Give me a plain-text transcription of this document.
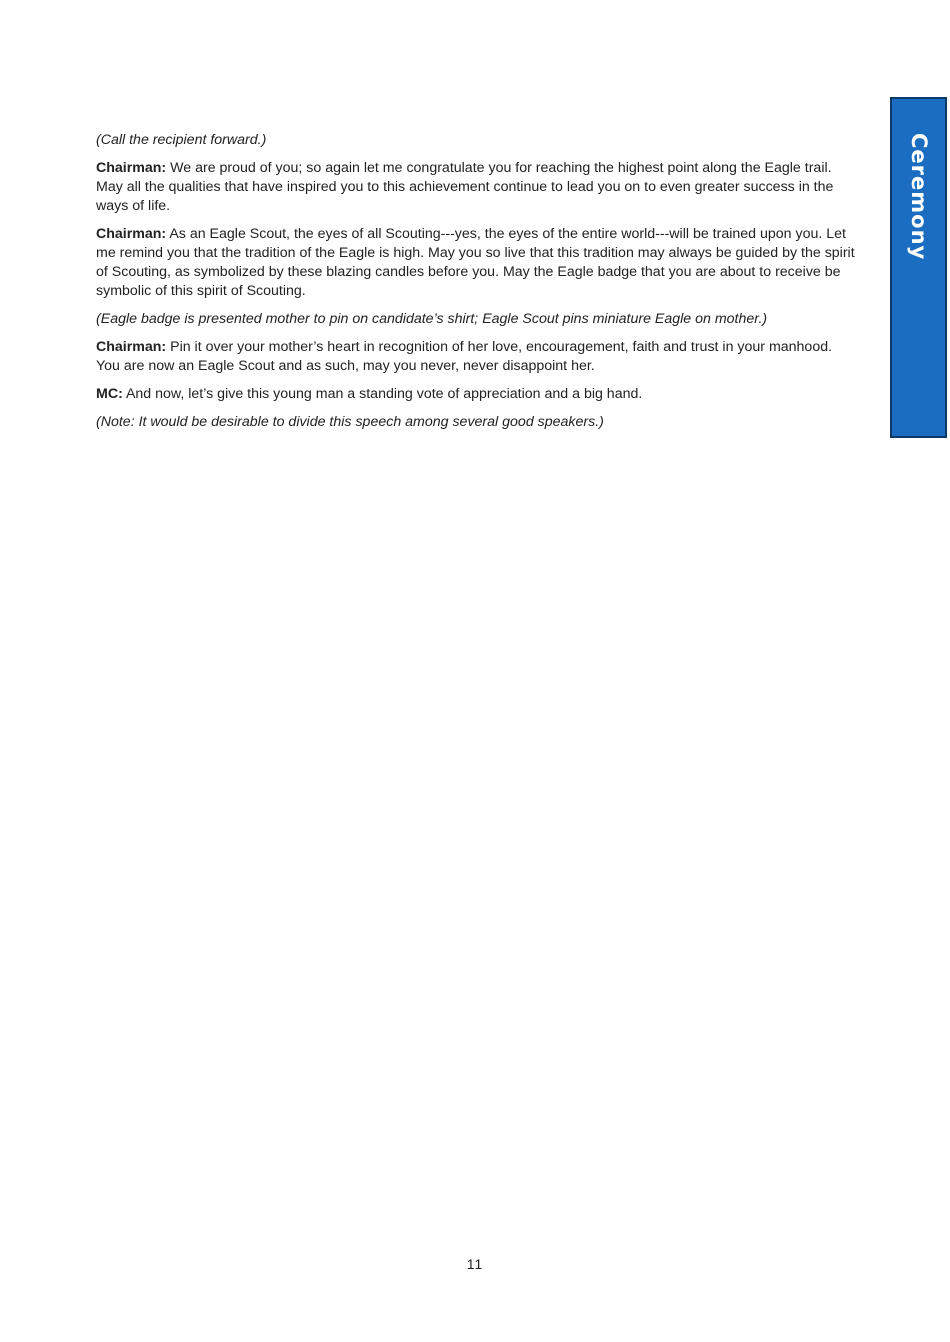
Ceremony 3

(Call the recipient forward.)

Chairman: We are proud of you; so again let me congratulate you for reaching the highest point along the Eagle trail. May all the qualities that have inspired you to this achievement continue to lead you on to even greater success in the ways of life.

Chairman: As an Eagle Scout, the eyes of all Scouting---yes, the eyes of the entire world---will be trained upon you. Let me remind you that the tradition of the Eagle is high. May you so live that this tradition may always be guided by the spirit of Scouting, as symbolized by these blazing candles before you. May the Eagle badge that you are about to receive be symbolic of this spirit of Scouting.

(Eagle badge is presented mother to pin on candidate’s shirt; Eagle Scout pins miniature Eagle on mother.)

Chairman: Pin it over your mother’s heart in recognition of her love, encouragement, faith and trust in your manhood. You are now an Eagle Scout and as such, may you never, never disappoint her.

MC: And now, let’s give this young man a standing vote of appreciation and a big hand.

(Note: It would be desirable to divide this speech among several good speakers.)

11
